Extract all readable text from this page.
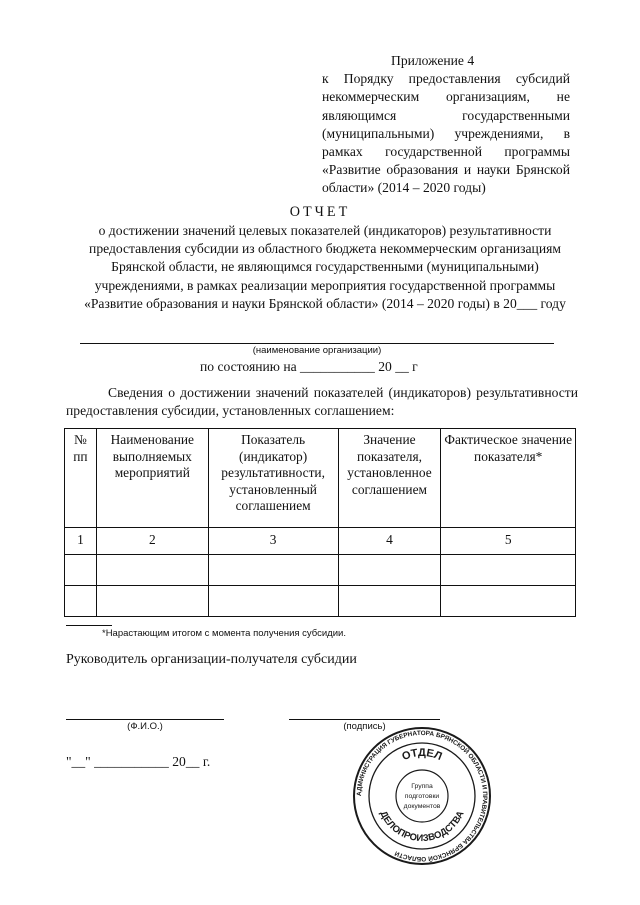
Приложение 4
к Порядку предоставления субсидий некоммерческим организациям, не являющимся государственными (муниципальными) учреждениями, в рамках государственной программы «Развитие образования и науки Брянской области» (2014 – 2020 годы)
ОТЧЕТ
о достижении значений целевых показателей (индикаторов) результативности предоставления субсидии из областного бюджета некоммерческим организациям Брянской области, не являющимся государственными (муниципальными) учреждениями, в рамках реализации мероприятия государственной программы «Развитие образования и науки Брянской области» (2014 – 2020 годы) в 20___ году
(наименование организации)
по состоянию на ___________ 20 __ г
Сведения о достижении значений показателей (индикаторов) результативности предоставления субсидии, установленных соглашением:
№ пп	Наименование выполняемых мероприятий	Показатель (индикатор) результативности, установленный соглашением	Значение показателя, установленное соглашением	Фактическое значение показателя*
1	2	3	4	5

*Нарастающим итогом с момента получения субсидии.
Руководитель организации-получателя субсидии
(Ф.И.О.)	(подпись)
"__" ___________ 20__ г.
АДМИНИСТРАЦИЯ ГУБЕРНАТОРА БРЯНСКОЙ ОБЛАСТИ И ПРАВИТЕЛЬСТВА БРЯНСКОЙ ОБЛАСТИ
ОТДЕЛ
ДЕЛОПРОИЗВОДСТВА
Группа
подготовки
документов
